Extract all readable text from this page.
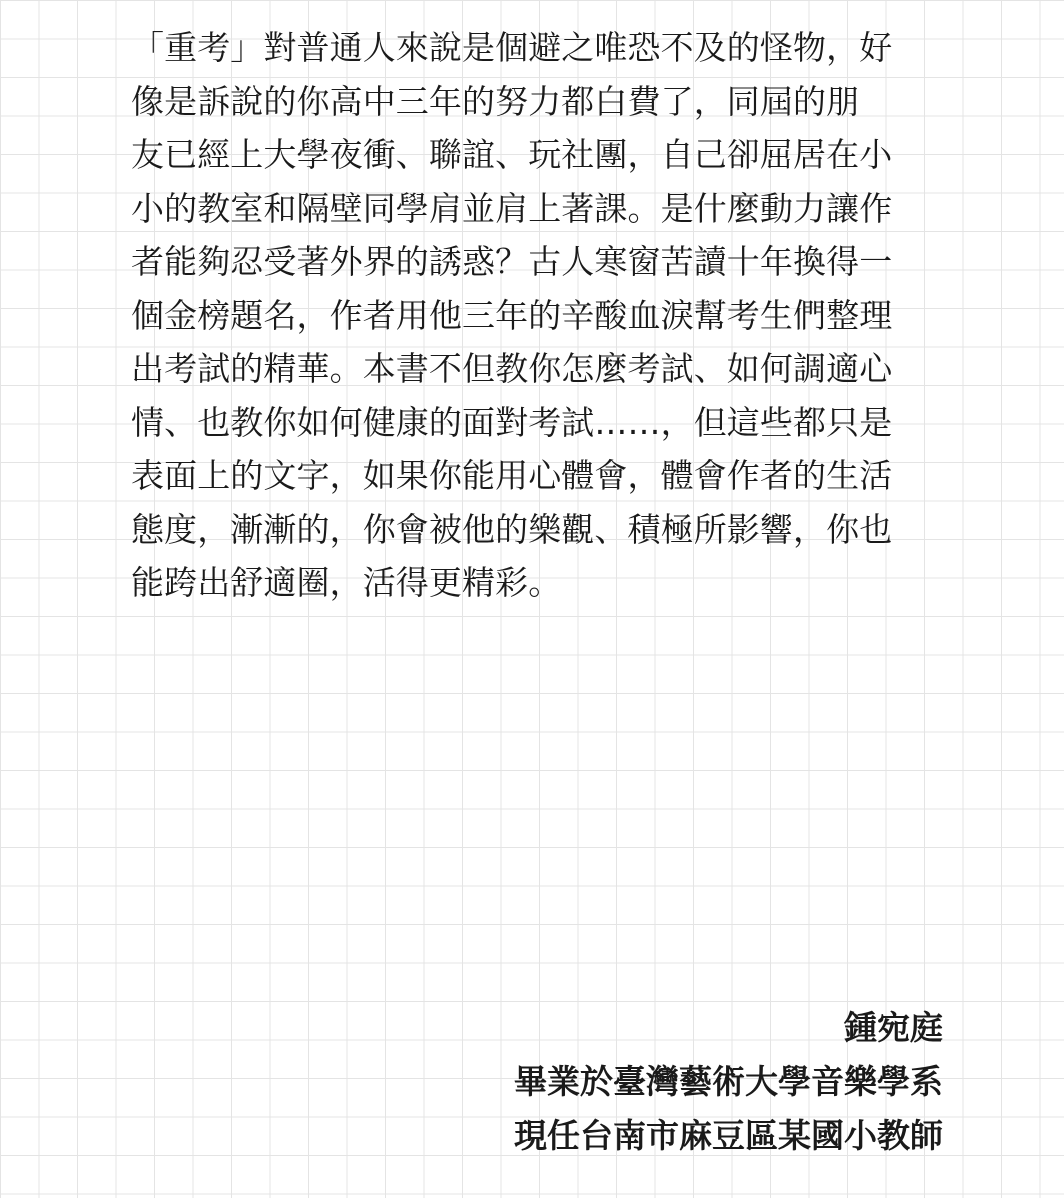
「重考」對普通人來說是個避之唯恐不及的怪物，好
像是訴說的你高中三年的努力都白費了，同屆的朋
友已經上大學夜衝、聯誼、玩社團，自己卻屈居在小
小的教室和隔壁同學肩並肩上著課。是什麼動力讓作
者能夠忍受著外界的誘惑？古人寒窗苦讀十年換得一
個金榜題名，作者用他三年的辛酸血淚幫考生們整理
出考試的精華。本書不但教你怎麼考試、如何調適心
情、也教你如何健康的面對考試……，但這些都只是
表面上的文字，如果你能用心體會，體會作者的生活
態度，漸漸的，你會被他的樂觀、積極所影響，你也
能跨出舒適圈，活得更精彩。

鍾宛庭
畢業於臺灣藝術大學音樂學系
現任台南市麻豆區某國小教師
